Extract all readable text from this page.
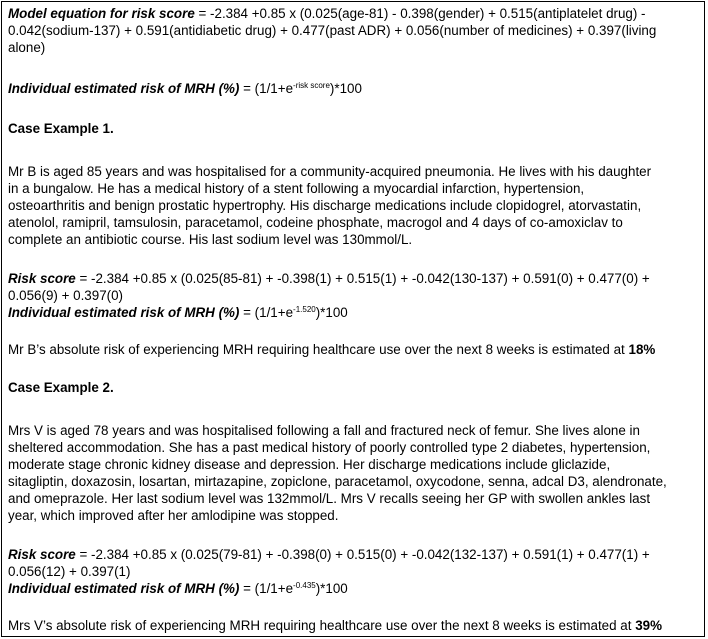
Model equation for risk score = -2.384 +0.85 x (0.025(age-81) - 0.398(gender) + 0.515(antiplatelet drug) -
0.042(sodium-137) + 0.591(antidiabetic drug) + 0.477(past ADR) + 0.056(number of medicines) + 0.397(living
alone)
Individual estimated risk of MRH (%) = $(1/1+e^{-risk score})*100$
Case Example 1.
Mr B is aged 85 years and was hospitalised for a community-acquired pneumonia. He lives with his daughter
in a bungalow. He has a medical history of a stent following a myocardial infarction, hypertension,
osteoarthritis and benign prostatic hypertrophy. His discharge medications include clopidogrel, atorvastatin,
atenolol, ramipril, tamsulosin, paracetamol, codeine phosphate, macrogol and 4 days of co-amoxiclav to
complete an antibiotic course. His last sodium level was 130mmol/L.
Risk score = -2.384 +0.85 x (0.025(85-81) + -0.398(1) + 0.515(1) + -0.042(130-137) + 0.591(0) + 0.477(0) +
0.056(9) + 0.397(0)
Individual estimated risk of MRH (%) = $(1/1+e^{-1.520})*100$
Mr B’s absolute risk of experiencing MRH requiring healthcare use over the next 8 weeks is estimated at 18%
Case Example 2.
Mrs V is aged 78 years and was hospitalised following a fall and fractured neck of femur. She lives alone in
sheltered accommodation. She has a past medical history of poorly controlled type 2 diabetes, hypertension,
moderate stage chronic kidney disease and depression. Her discharge medications include gliclazide,
sitagliptin, doxazosin, losartan, mirtazapine, zopiclone, paracetamol, oxycodone, senna, adcal D3, alendronate,
and omeprazole. Her last sodium level was 132mmol/L. Mrs V recalls seeing her GP with swollen ankles last
year, which improved after her amlodipine was stopped.
Risk score = -2.384 +0.85 x (0.025(79-81) + -0.398(0) + 0.515(0) + -0.042(132-137) + 0.591(1) + 0.477(1) +
0.056(12) + 0.397(1)
Individual estimated risk of MRH (%) = $(1/1+e^{-0.435})*100$
Mrs V’s absolute risk of experiencing MRH requiring healthcare use over the next 8 weeks is estimated at 39%
